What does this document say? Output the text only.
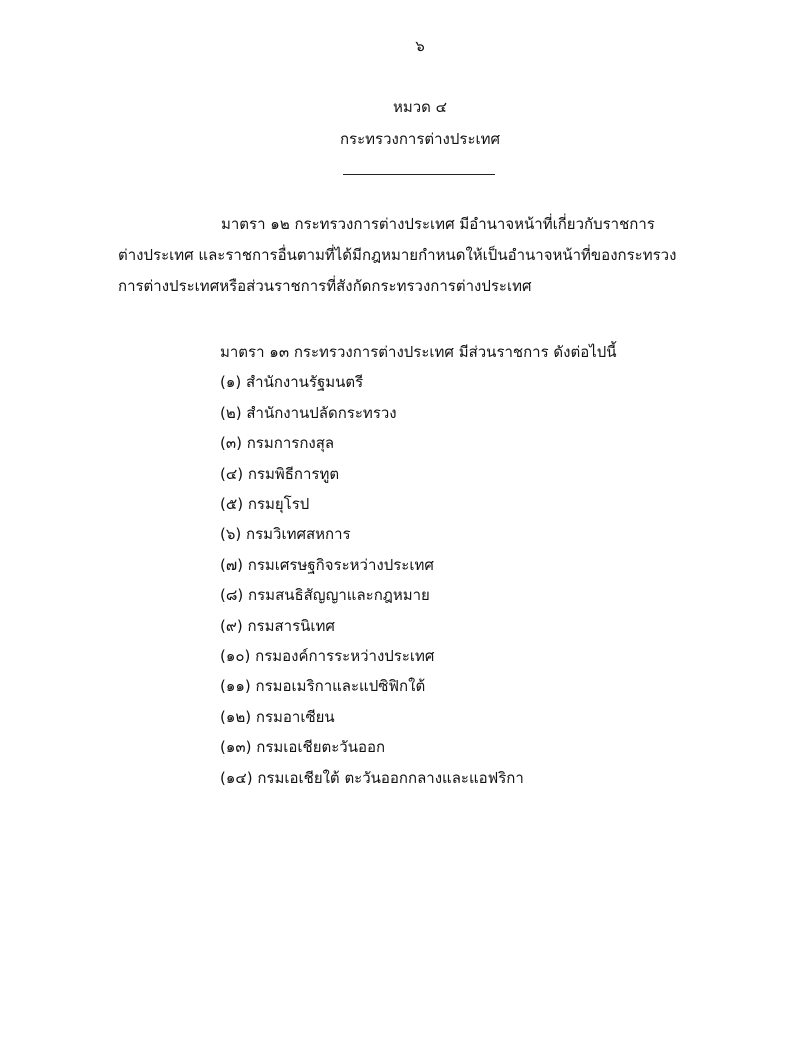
๖
หมวด ๔
กระทรวงการต่างประเทศ
มาตรา ๑๒ กระทรวงการต่างประเทศ มีอำนาจหน้าที่เกี่ยวกับราชการ
ต่างประเทศ และราชการอื่นตามที่ได้มีกฎหมายกำหนดให้เป็นอำนาจหน้าที่ของกระทรวง
การต่างประเทศหรือส่วนราชการที่สังกัดกระทรวงการต่างประเทศ
มาตรา ๑๓ กระทรวงการต่างประเทศ มีส่วนราชการ ดังต่อไปนี้
(๑) สำนักงานรัฐมนตรี
(๒) สำนักงานปลัดกระทรวง
(๓) กรมการกงสุล
(๔) กรมพิธีการทูต
(๕) กรมยุโรป
(๖) กรมวิเทศสหการ
(๗) กรมเศรษฐกิจระหว่างประเทศ
(๘) กรมสนธิสัญญาและกฎหมาย
(๙) กรมสารนิเทศ
(๑๐) กรมองค์การระหว่างประเทศ
(๑๑) กรมอเมริกาและแปซิฟิกใต้
(๑๒) กรมอาเซียน
(๑๓) กรมเอเชียตะวันออก
(๑๔) กรมเอเชียใต้ ตะวันออกกลางและแอฟริกา
